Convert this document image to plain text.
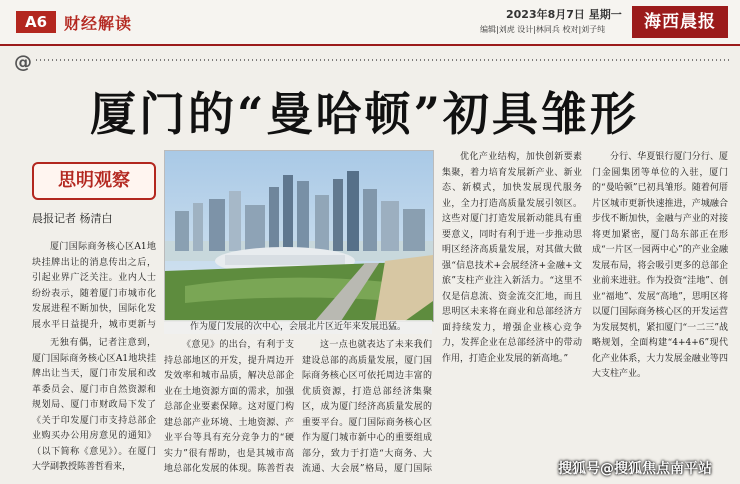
A6	财经解读	2023年8月7日 星期一
编辑|刘虎 设计|林同兵 校对|刘子纯	海西晨报
@
厦门的“曼哈顿”初具雏形
思明观察
晨报记者 杨清白
作为厦门发展的次中心，会展北片区近年来发展迅猛。

厦门国际商务核心区A1地块挂牌出让的消息传出之后，引起业界广泛关注。业内人士纷纷表示，随着厦门市城市化发展进程不断加快，国际化发展水平日益提升，城市更新与

无独有偶，记者注意到，厦门国际商务核心区A1地块挂牌出让当天，厦门市发展和改革委员会、厦门市自然资源和规划局、厦门市财政局下发了《关于印发厦门市支持总部企业购买办公用房意见的通知》（以下简称《意见》）。在厦门大学副教授陈善哲看来，

《意见》的出台，有利于支持总部地区的开发，提升周边开发效率和城市品质，解决总部企业在土地资源方面的需求，加强总部企业要素保障。这对厦门构建总部产业环境、土地资源、产业平台等具有充分竞争力的“硬实力”很有帮助，也是其城市高地总部化发展的体现。陈善哲表

这一点也就表达了未来我们建设总部的高质量发展，厦门国际商务核心区可依托周边丰富的优质资源，打造总部经济集聚区，成为厦门经济高质量发展的重要平台。厦门国际商务核心区作为厦门城市新中心的重要组成部分，致力于打造“大商务、大流通、大会展”格局，厦门国际

优化产业结构，加快创新要素集聚，着力培育发展新产业、新业态、新模式，加快发展现代服务业，全力打造高质量发展引领区。这些对厦门打造发展新动能具有重要意义，同时有利于进一步推动思明区经济高质量发展，对其做大做强“信息技术+会展经济+金融+文旅”支柱产业注入新活力。“这里不仅是信息流、资金流交汇地，而且思明区未来将在商业和总部经济方面持续发力，增强企业核心竞争力，发挥企业在总部经济中的带动作用，打造企业发展的新高地。”

分行、华夏银行厦门分行、厦门金圆集团等单位的入驻，厦门的“曼哈顿”已初具雏形。随着何厝片区城市更新快速推进，产城融合步伐不断加快，金融与产业的对接将更加紧密，厦门岛东部正在形成“一片区一园两中心”的产业金融发展布局，将会吸引更多的总部企业前来进驻。作为投资“洼地”、创业“福地”、发展“高地”，思明区将以厦门国际商务核心区的开发运营为发展契机，紧扣厦门“一二三”战略规划，全面构建“4+4+6”现代化产业体系，大力发展金融业等四大支柱产业。

搜狐号@搜狐焦点南平站
